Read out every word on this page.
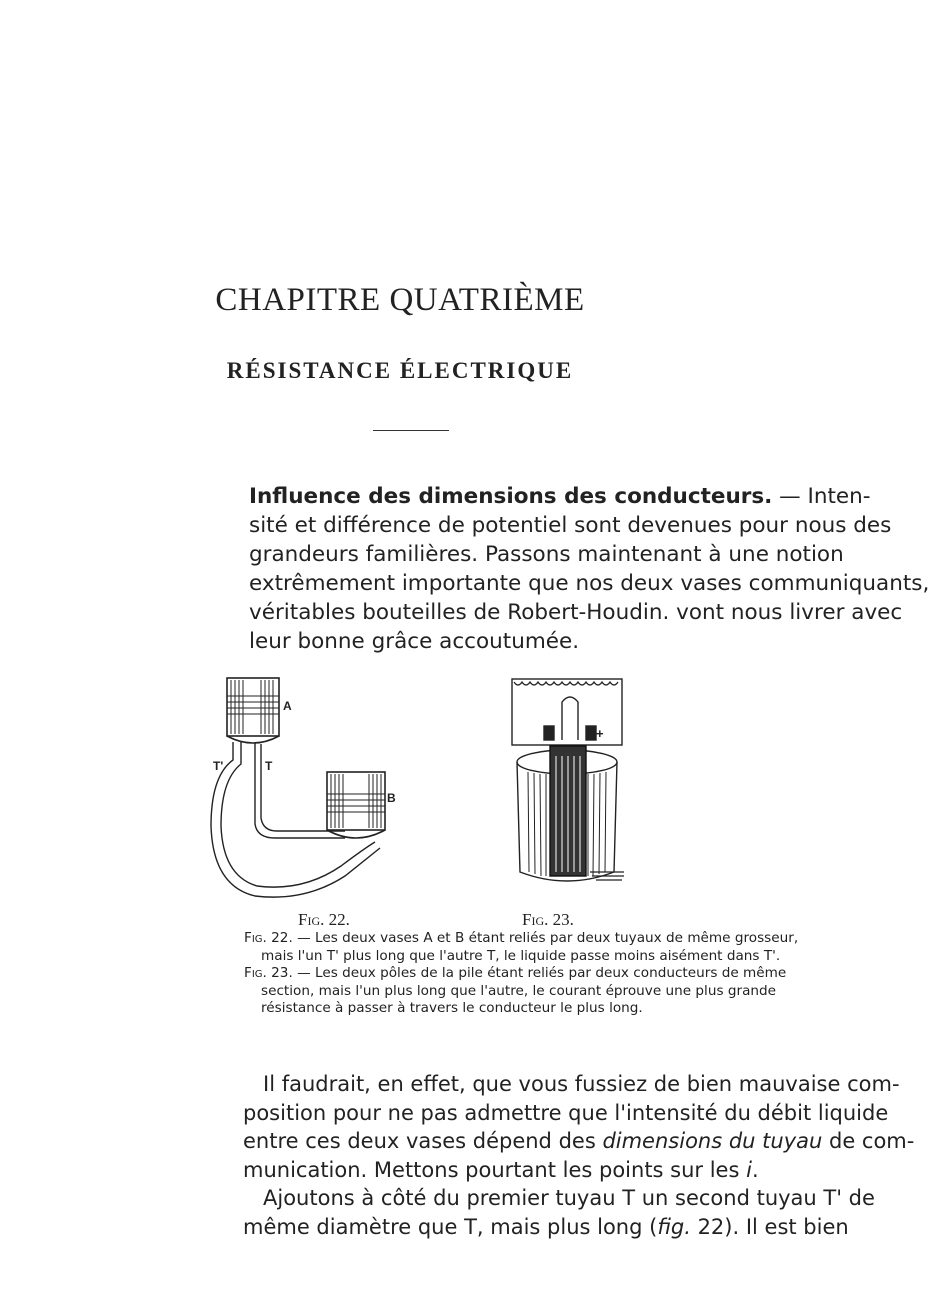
CHAPITRE QUATRIÈME
RÉSISTANCE ÉLECTRIQUE
Influence des dimensions des conducteurs. — Inten-
sité et différence de potentiel sont devenues pour nous des
grandeurs familières. Passons maintenant à une notion
extrêmement importante que nos deux vases communiquants,
véritables bouteilles de Robert-Houdin. vont nous livrer avec
leur bonne grâce accoutumée.
A
B
T
T'
+
Fig. 22.	Fig. 23.
Fig. 22. — Les deux vases A et B étant reliés par deux tuyaux de même grosseur,
mais l'un T' plus long que l'autre T, le liquide passe moins aisément dans T'.
Fig. 23. — Les deux pôles de la pile étant reliés par deux conducteurs de même
section, mais l'un plus long que l'autre, le courant éprouve une plus grande
résistance à passer à travers le conducteur le plus long.
Il faudrait, en effet, que vous fussiez de bien mauvaise com-
position pour ne pas admettre que l'intensité du débit liquide
entre ces deux vases dépend des dimensions du tuyau de com-
munication. Mettons pourtant les points sur les i.
Ajoutons à côté du premier tuyau T un second tuyau T' de
même diamètre que T, mais plus long (fig. 22). Il est bien
